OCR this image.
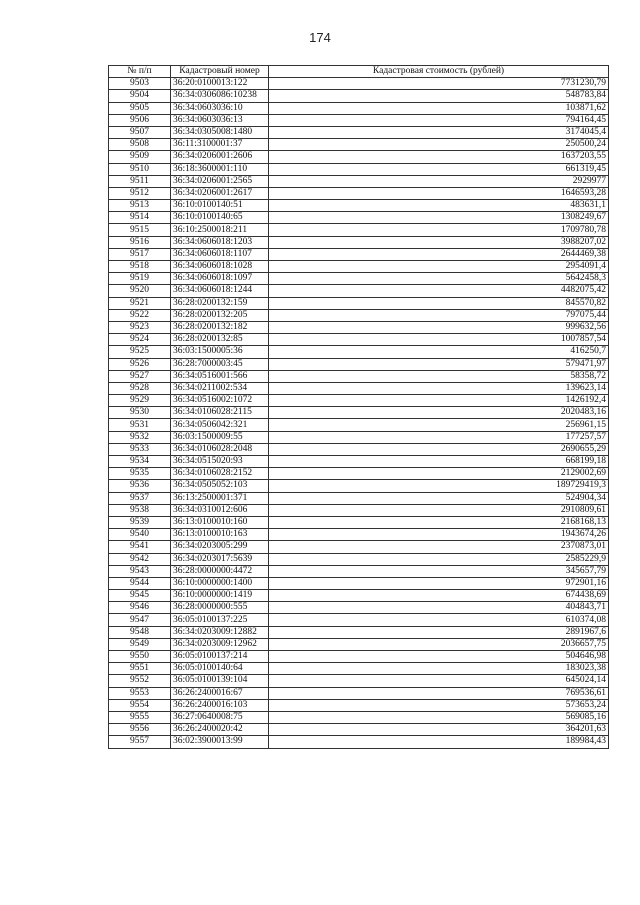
174
№ п/п	Кадастровый номер	Кадастровая стоимость (рублей)
9503	36:20:0100013:122	7731230,79
9504	36:34:0306086:10238	548783,84
9505	36:34:0603036:10	103871,62
9506	36:34:0603036:13	794164,45
9507	36:34:0305008:1480	3174045,4
9508	36:11:3100001:37	250500,24
9509	36:34:0206001:2606	1637203,55
9510	36:18:3600001:110	661319,45
9511	36:34:0206001:2565	2929977
9512	36:34:0206001:2617	1646593,28
9513	36:10:0100140:51	483631,1
9514	36:10:0100140:65	1308249,67
9515	36:10:2500018:211	1709780,78
9516	36:34:0606018:1203	3988207,02
9517	36:34:0606018:1107	2644469,38
9518	36:34:0606018:1028	2954091,4
9519	36:34:0606018:1097	5642458,3
9520	36:34:0606018:1244	4482075,42
9521	36:28:0200132:159	845570,82
9522	36:28:0200132:205	797075,44
9523	36:28:0200132:182	999632,56
9524	36:28:0200132:85	1007857,54
9525	36:03:1500005:36	416250,7
9526	36:28:7000003:45	579471,97
9527	36:34:0516001:566	58358,72
9528	36:34:0211002:534	139623,14
9529	36:34:0516002:1072	1426192,4
9530	36:34:0106028:2115	2020483,16
9531	36:34:0506042:321	256961,15
9532	36:03:1500009:55	177257,57
9533	36:34:0106028:2048	2690655,29
9534	36:34:0515020:93	668199,18
9535	36:34:0106028:2152	2129002,69
9536	36:34:0505052:103	189729419,3
9537	36:13:2500001:371	524904,34
9538	36:34:0310012:606	2910809,61
9539	36:13:0100010:160	2168168,13
9540	36:13:0100010:163	1943674,26
9541	36:34:0203005:299	2370873,01
9542	36:34:0203017:5639	2585229,9
9543	36:28:0000000:4472	345657,79
9544	36:10:0000000:1400	972901,16
9545	36:10:0000000:1419	674438,69
9546	36:28:0000000:555	404843,71
9547	36:05:0100137:225	610374,08
9548	36:34:0203009:12882	2891967,6
9549	36:34:0203009:12962	2036657,75
9550	36:05:0100137:214	504646,98
9551	36:05:0100140:64	183023,38
9552	36:05:0100139:104	645024,14
9553	36:26:2400016:67	769536,61
9554	36:26:2400016:103	573653,24
9555	36:27:0640008:75	569085,16
9556	36:26:2400020:42	364201,63
9557	36:02:3900013:99	189984,43
